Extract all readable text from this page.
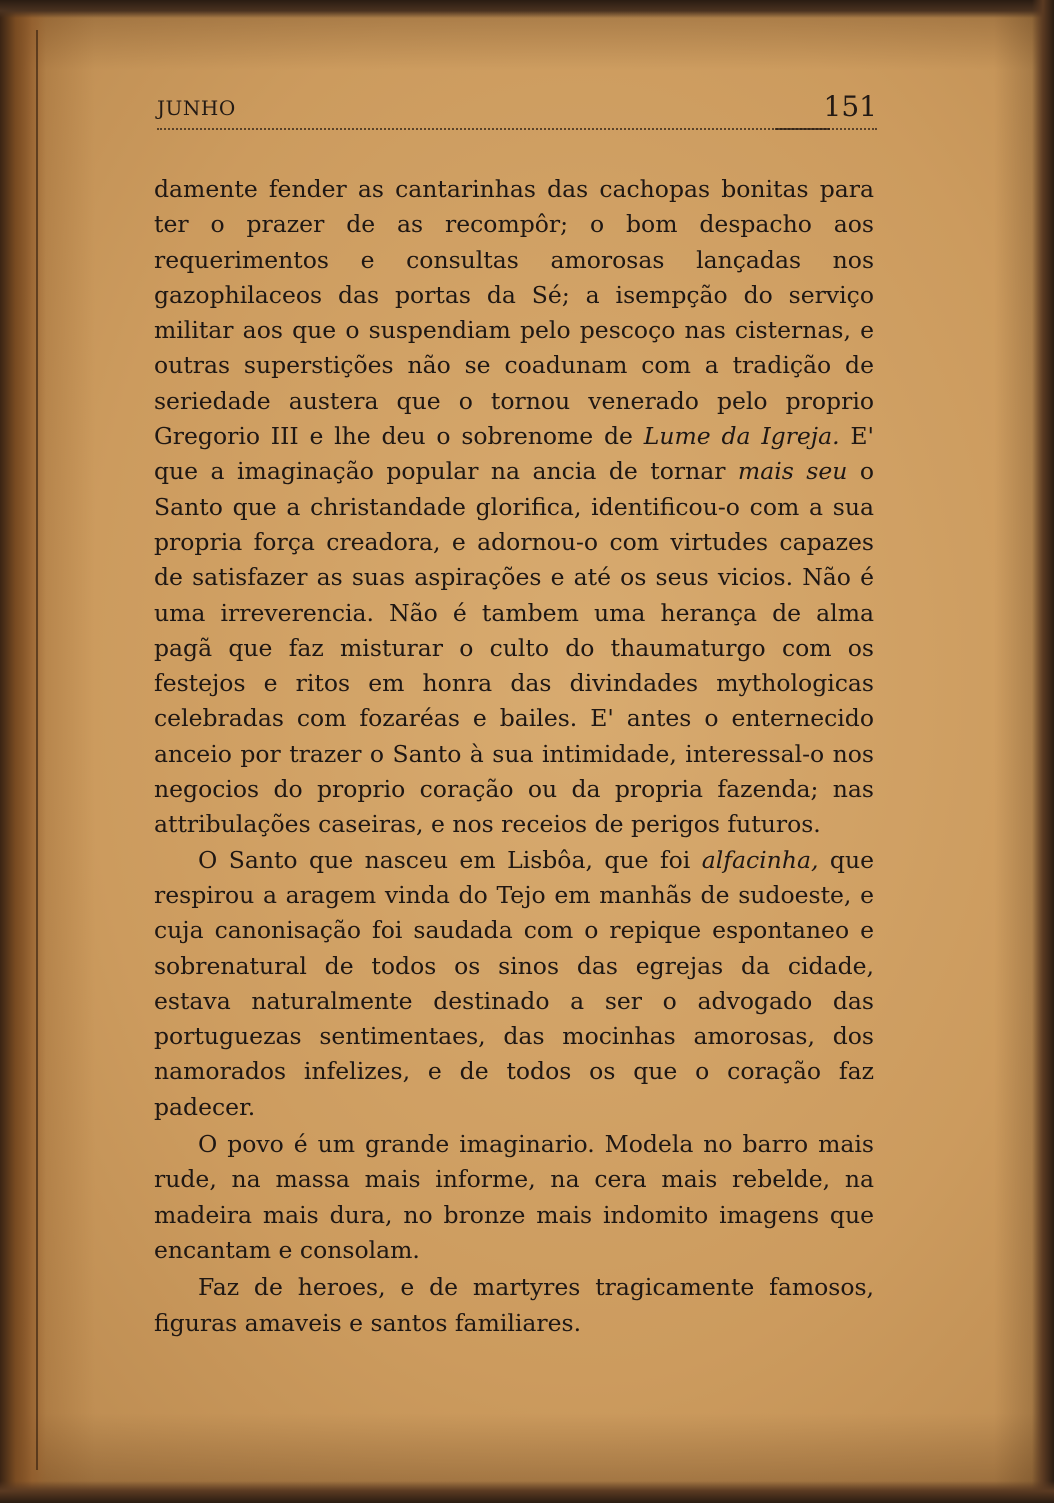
JUNHO	151

damente fender as cantarinhas das cachopas bonitas para ter o prazer de as recompôr; o bom despacho aos requerimentos e consultas amorosas lançadas nos gazophilaceos das portas da Sé; a isempção do serviço militar aos que o suspendiam pelo pescoço nas cisternas, e outras superstições não se coadunam com a tradição de seriedade austera que o tornou venerado pelo proprio Gregorio III e lhe deu o sobrenome de Lume da Igreja. E' que a imaginação popular na ancia de tornar mais seu o Santo que a christandade glorifica, identificou-o com a sua propria força creadora, e adornou-o com virtudes capazes de satisfazer as suas aspirações e até os seus vicios. Não é uma irreverencia. Não é tambem uma herança de alma pagã que faz misturar o culto do thaumaturgo com os festejos e ritos em honra das divindades mythologicas celebradas com fozaréas e bailes. E' antes o enternecido anceio por trazer o Santo à sua intimidade, interessal-o nos negocios do proprio coração ou da propria fazenda; nas attribulações caseiras, e nos receios de perigos futuros.

O Santo que nasceu em Lisbôa, que foi alfacinha, que respirou a aragem vinda do Tejo em manhãs de sudoeste, e cuja canonisação foi saudada com o repique espontaneo e sobrenatural de todos os sinos das egrejas da cidade, estava naturalmente destinado a ser o advogado das portuguezas sentimentaes, das mocinhas amorosas, dos namorados infelizes, e de todos os que o coração faz padecer.

O povo é um grande imaginario. Modela no barro mais rude, na massa mais informe, na cera mais rebelde, na madeira mais dura, no bronze mais indomito imagens que encantam e consolam.

Faz de heroes, e de martyres tragicamente famosos, figuras amaveis e santos familiares.
